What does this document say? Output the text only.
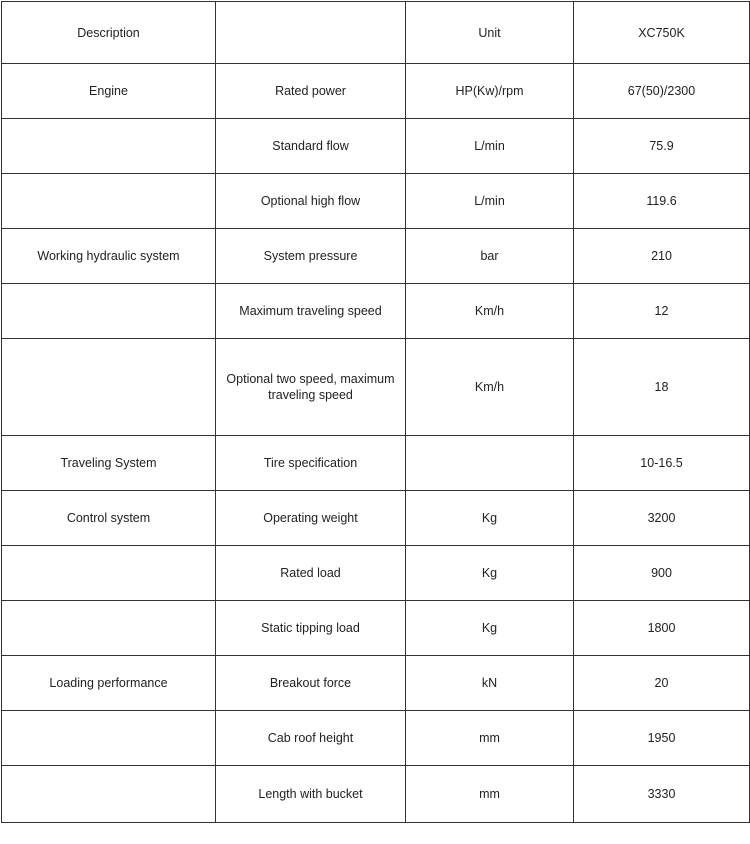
Description		Unit	XC750K
Engine	Rated power	HP(Kw)/rpm	67(50)/2300
	Standard flow	L/min	75.9
	Optional high flow	L/min	119.6
Working hydraulic system	System pressure	bar	210
	Maximum traveling speed	Km/h	12
	Optional two speed, maximum traveling speed	Km/h	18
Traveling System	Tire specification		10-16.5
Control system	Operating weight	Kg	3200
	Rated load	Kg	900
	Static tipping load	Kg	1800
Loading performance	Breakout force	kN	20
	Cab roof height	mm	1950
	Length with bucket	mm	3330
